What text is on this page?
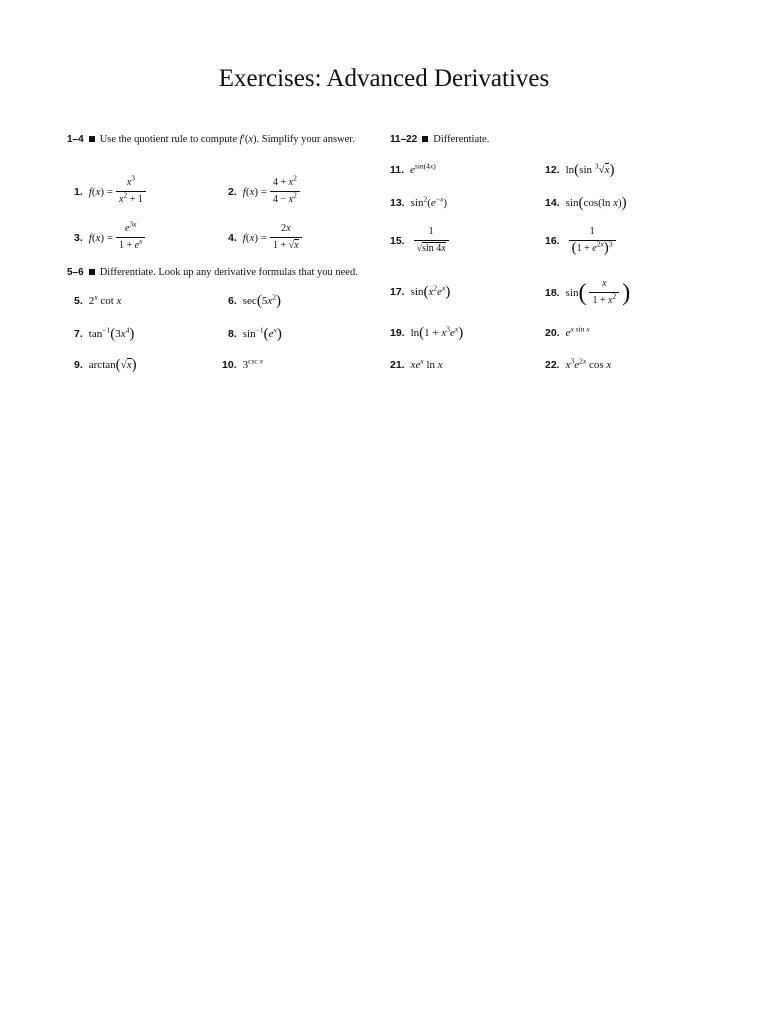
Exercises: Advanced Derivatives
1–4 Use the quotient rule to compute f′(x). Simplify your answer.
1. $f(x) = \frac{x^3}{x^2 + 1}$	2. $f(x) = \frac{4 + x^2}{4 - x^2}$
3. $f(x) = \frac{e^{3x}}{1 + e^x}$	4. $f(x) = \frac{2x}{1 + √x}$
5–6 Differentiate. Look up any derivative formulas that you need.
5. 2$^x$ cot x	6. $\sec(5x^2)$
7. $\tan^{-1}(3x^4)$	8. $\sin^{-1}(e^x)$
9. arctan(√x)	10. $3^{csc x}$
11–22 Differentiate.
11. $e^{sin(4x)}$	12. ln(sin $^3$√x)
13. $\sin^2(e^{-x})$	14. sin(cos(ln x))
15. $\frac{1}{√\sin 4x}$	16. $\frac{1}{(1 + e^{2x})^3}$
17. $\sin(x^2e^x)$	18. $\sin( \frac{x}{1 + x^2}$ )
19. $\ln(1 + x^3e^x)$	20. $e^{x sin x}$
21. $xe^x$ ln x	22. $x^3e^{2x}$ cos x
